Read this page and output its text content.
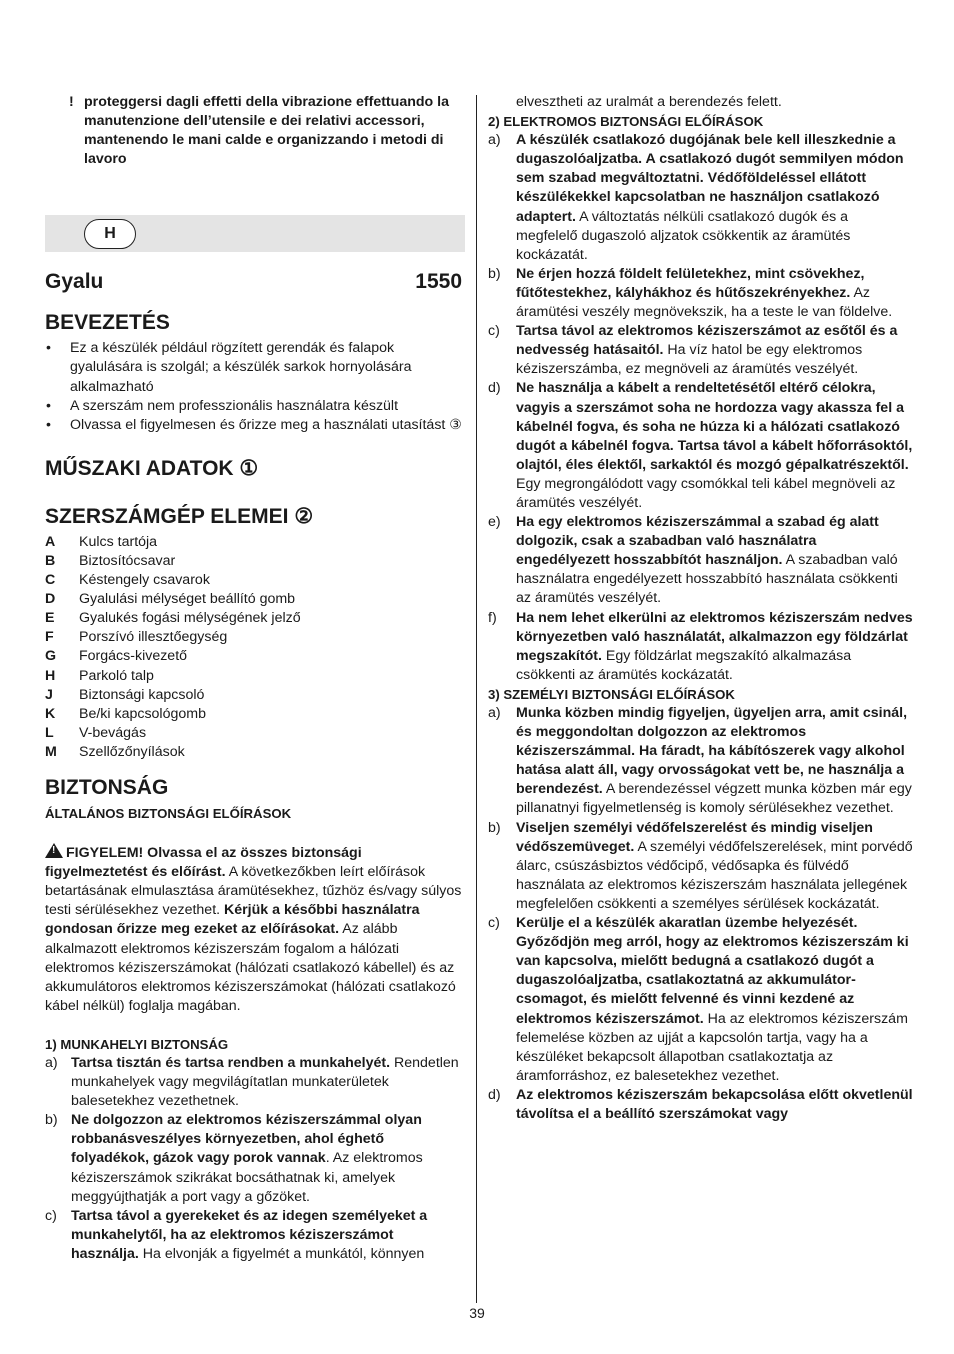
! proteggersi dagli effetti della vibrazione effettuando la manutenzione dell’utensile e dei relativi accessori, mantenendo le mani calde e organizzando i metodi di lavoro
H
Gyalu	1550
BEVEZETÉS
• Ez a készülék például rögzített gerendák és falapok gyalulására is szolgál; a készülék sarkok hornyolására alkalmazható
• A szerszám nem professzionális használatra készült
• Olvassa el figyelmesen és őrizze meg a használati utasítást ③
MŰSZAKI ADATOK ①
SZERSZÁMGÉP ELEMEI ②
A	Kulcs tartója
B	Biztosítócsavar
C	Késtengely csavarok
D	Gyalulási mélységet beállító gomb
E	Gyalukés fogási mélységének jelző
F	Porszívó illesztőegység
G	Forgács-kivezető
H	Parkoló talp
J	Biztonsági kapcsoló
K	Be/ki kapcsológomb
L	V-bevágás
M	Szellőzőnyílások
BIZTONSÁG
ÁLTALÁNOS BIZTONSÁGI ELŐÍRÁSOK
!FIGYELEM! Olvassa el az összes biztonsági figyelmeztetést és előírást. A következőkben leírt előírások betartásának elmulasztása áramütésekhez, tűzhöz és/vagy súlyos testi sérülésekhez vezethet. Kérjük a későbbi használatra gondosan őrizze meg ezeket az előírásokat. Az alább alkalmazott elektromos kéziszerszám fogalom a hálózati elektromos kéziszerszámokat (hálózati csatlakozó kábellel) és az akkumulátoros elektromos kéziszerszámokat (hálózati csatlakozó kábel nélkül) foglalja magában.
1) MUNKAHELYI BIZTONSÁG
a) Tartsa tisztán és tartsa rendben a munkahelyét. Rendetlen munkahelyek vagy megvilágítatlan munkaterületek balesetekhez vezethetnek.
b) Ne dolgozzon az elektromos kéziszerszámmal olyan robbanásveszélyes környezetben, ahol éghető folyadékok, gázok vagy porok vannak. Az elektromos kéziszerszámok szikrákat bocsáthatnak ki, amelyek meggyújthatják a port vagy a gőzöket.
c) Tartsa távol a gyerekeket és az idegen személyeket a munkahelytől, ha az elektromos kéziszerszámot használja. Ha elvonják a figyelmét a munkától, könnyen
elvesztheti az uralmát a berendezés felett.
2) ELEKTROMOS BIZTONSÁGI ELŐÍRÁSOK
a)	A készülék csatlakozó dugójának bele kell illeszkednie a dugaszolóaljzatba. A csatlakozó dugót semmilyen módon sem szabad megváltoztatni. Védőföldeléssel ellátott készülékekkel kapcsolatban ne használjon csatlakozó adaptert. A változtatás nélküli csatlakozó dugók és a megfelelő dugaszoló aljzatok csökkentik az áramütés kockázatát.
b)	Ne érjen hozzá földelt felületekhez, mint csövekhez, fűtőtestekhez, kályhákhoz és hűtőszekrényekhez. Az áramütési veszély megnövekszik, ha a teste le van földelve.
c)	Tartsa távol az elektromos kéziszerszámot az esőtől és a nedvesség hatásaitól. Ha víz hatol be egy elektromos kéziszerszámba, ez megnöveli az áramütés veszélyét.
d)	Ne használja a kábelt a rendeltetésétől eltérő célokra, vagyis a szerszámot soha ne hordozza vagy akassza fel a kábelnél fogva, és soha ne húzza ki a hálózati csatlakozó dugót a kábelnél fogva. Tartsa távol a kábelt hőforrásoktól, olajtól, éles élektől, sarkaktól és mozgó gépalkatrészektől. Egy megrongálódott vagy csomókkal teli kábel megnöveli az áramütés veszélyét.
e)	Ha egy elektromos kéziszerszámmal a szabad ég alatt dolgozik, csak a szabadban való használatra engedélyezett hosszabbítót használjon. A szabadban való használatra engedélyezett hosszabbító használata csökkenti az áramütés veszélyét.
f)	Ha nem lehet elkerülni az elektromos kéziszerszám nedves környezetben való használatát, alkalmazzon egy földzárlat megszakítót. Egy földzárlat megszakító alkalmazása csökkenti az áramütés kockázatát.
3) SZEMÉLYI BIZTONSÁGI ELŐÍRÁSOK
a)	Munka közben mindig figyeljen, ügyeljen arra, amit csinál, és meggondoltan dolgozzon az elektromos kéziszerszámmal. Ha fáradt, ha kábítószerek vagy alkohol hatása alatt áll, vagy orvosságokat vett be, ne használja a berendezést. A berendezéssel végzett munka közben már egy pillanatnyi figyelmetlenség is komoly sérülésekhez vezethet.
b)	Viseljen személyi védőfelszerelést és mindig viseljen védőszemüveget. A személyi védőfelszerelések, mint porvédő álarc, csúszásbiztos védőcipő, védősapka és fülvédő használata az elektromos kéziszerszám használata jellegének megfelelően csökkenti a személyes sérülések kockázatát.
c)	Kerülje el a készülék akaratlan üzembe helyezését. Győződjön meg arról, hogy az elektromos kéziszerszám ki van kapcsolva, mielőtt bedugná a csatlakozó dugót a dugaszolóaljzatba, csatlakoztatná az akkumulátor-csomagot, és mielőtt felvenné és vinni kezdené az elektromos kéziszerszámot. Ha az elektromos kéziszerszám felemelése közben az ujját a kapcsolón tartja, vagy ha a készüléket bekapcsolt állapotban csatlakoztatja az áramforráshoz, ez balesetekhez vezethet.
d)	Az elektromos kéziszerszám bekapcsolása előtt okvetlenül távolítsa el a beállító szerszámokat vagy
39
